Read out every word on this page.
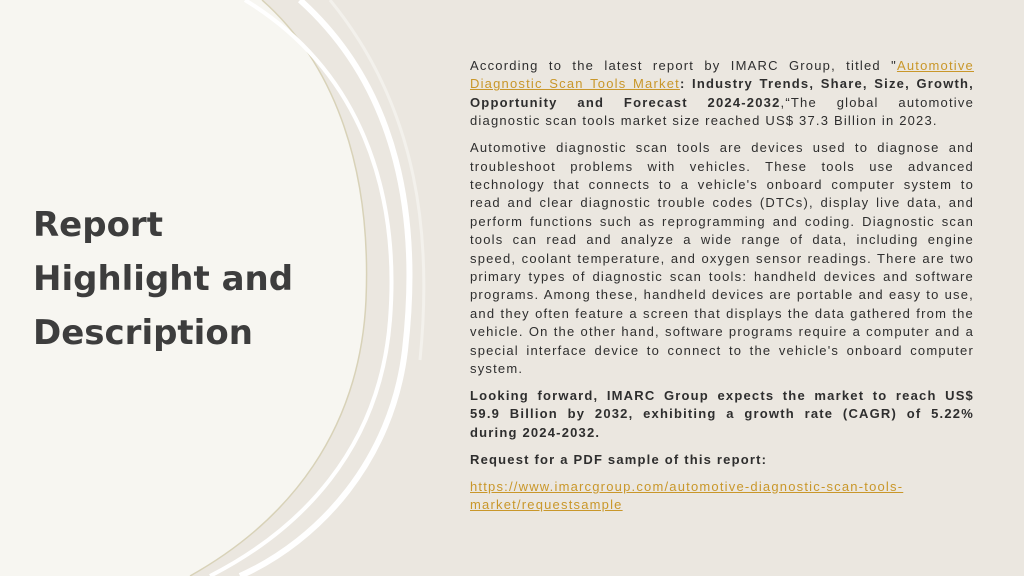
Report
Highlight and
Description

According to the latest report by IMARC Group, titled "Automotive Diagnostic Scan Tools Market: Industry Trends, Share, Size, Growth, Opportunity and Forecast 2024-2032,“The global automotive diagnostic scan tools market size reached US$ 37.3 Billion in 2023.

Automotive diagnostic scan tools are devices used to diagnose and troubleshoot problems with vehicles. These tools use advanced technology that connects to a vehicle's onboard computer system to read and clear diagnostic trouble codes (DTCs), display live data, and perform functions such as reprogramming and coding. Diagnostic scan tools can read and analyze a wide range of data, including engine speed, coolant temperature, and oxygen sensor readings. There are two primary types of diagnostic scan tools: handheld devices and software programs. Among these, handheld devices are portable and easy to use, and they often feature a screen that displays the data gathered from the vehicle. On the other hand, software programs require a computer and a special interface device to connect to the vehicle's onboard computer system.

Looking forward, IMARC Group expects the market to reach US$ 59.9 Billion by 2032, exhibiting a growth rate (CAGR) of 5.22% during 2024-2032.

Request for a PDF sample of this report:

https://www.imarcgroup.com/automotive-diagnostic-scan-tools-
market/requestsample
